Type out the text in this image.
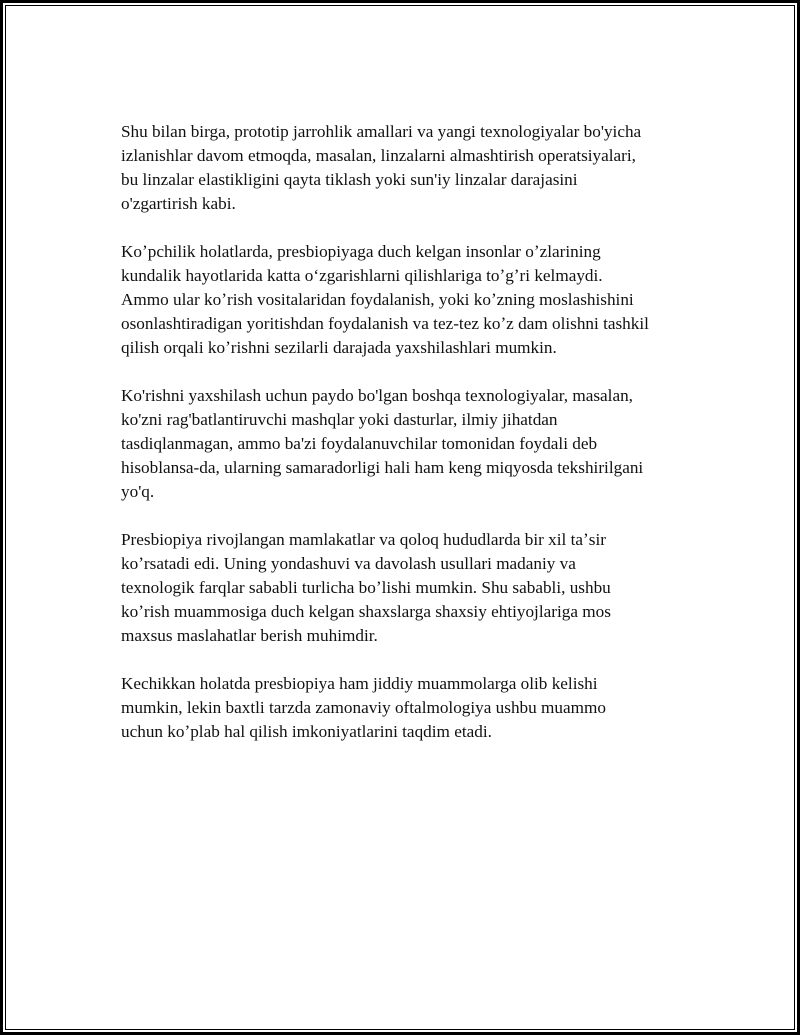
Shu bilan birga, prototip jarrohlik amallari va yangi texnologiyalar bo'yicha
izlanishlar davom etmoqda, masalan, linzalarni almashtirish operatsiyalari,
bu linzalar elastikligini qayta tiklash yoki sun'iy linzalar darajasini
o'zgartirish kabi.

Koʼpchilik holatlarda, presbiopiyaga duch kelgan insonlar oʼzlarining
kundalik hayotlarida katta oʻzgarishlarni qilishlariga toʼgʼri kelmaydi.
Ammo ular koʼrish vositalaridan foydalanish, yoki koʼzning moslashishini
osonlashtiradigan yoritishdan foydalanish va tez-tez koʼz dam olishni tashkil
qilish orqali koʼrishni sezilarli darajada yaxshilashlari mumkin.

Ko'rishni yaxshilash uchun paydo bo'lgan boshqa texnologiyalar, masalan,
ko'zni rag'batlantiruvchi mashqlar yoki dasturlar, ilmiy jihatdan
tasdiqlanmagan, ammo ba'zi foydalanuvchilar tomonidan foydali deb
hisoblansa-da, ularning samaradorligi hali ham keng miqyosda tekshirilgani
yo'q.

Presbiopiya rivojlangan mamlakatlar va qoloq hududlarda bir xil taʼsir
koʼrsatadi edi. Uning yondashuvi va davolash usullari madaniy va
texnologik farqlar sababli turlicha boʼlishi mumkin. Shu sababli, ushbu
koʼrish muammosiga duch kelgan shaxslarga shaxsiy ehtiyojlariga mos
maxsus maslahatlar berish muhimdir.

Kechikkan holatda presbiopiya ham jiddiy muammolarga olib kelishi
mumkin, lekin baxtli tarzda zamonaviy oftalmologiya ushbu muammo
uchun koʼplab hal qilish imkoniyatlarini taqdim etadi.
